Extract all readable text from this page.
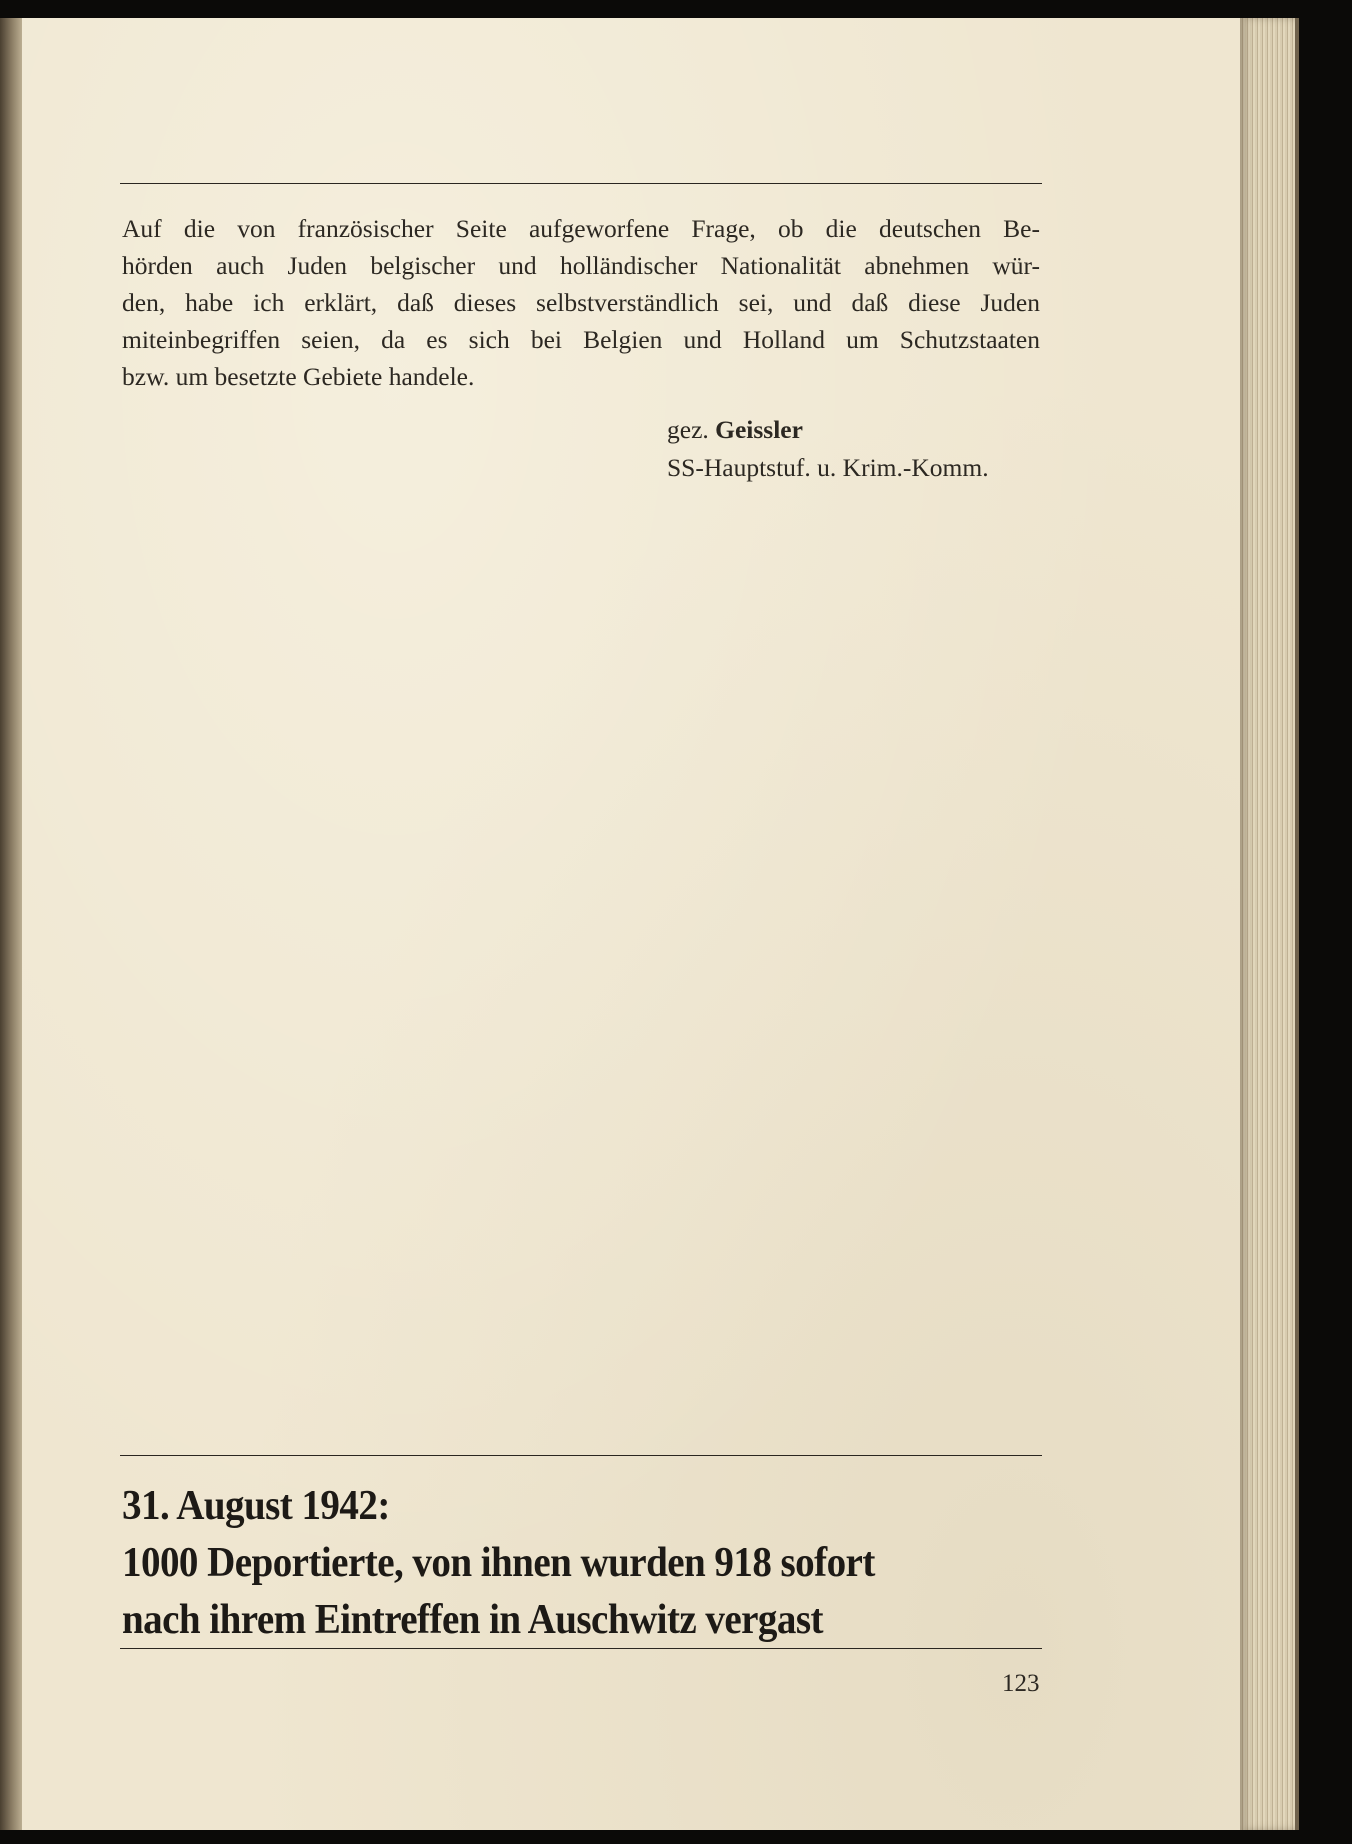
Auf die von französischer Seite aufgeworfene Frage, ob die deutschen Be-
hörden auch Juden belgischer und holländischer Nationalität abnehmen wür-
den, habe ich erklärt, daß dieses selbstverständlich sei, und daß diese Juden
miteinbegriffen seien, da es sich bei Belgien und Holland um Schutzstaaten
bzw. um besetzte Gebiete handele.

gez. Geissler
SS-Hauptstuf. u. Krim.-Komm.
31. August 1942:
1000 Deportierte, von ihnen wurden 918 sofort
nach ihrem Eintreffen in Auschwitz vergast
123
